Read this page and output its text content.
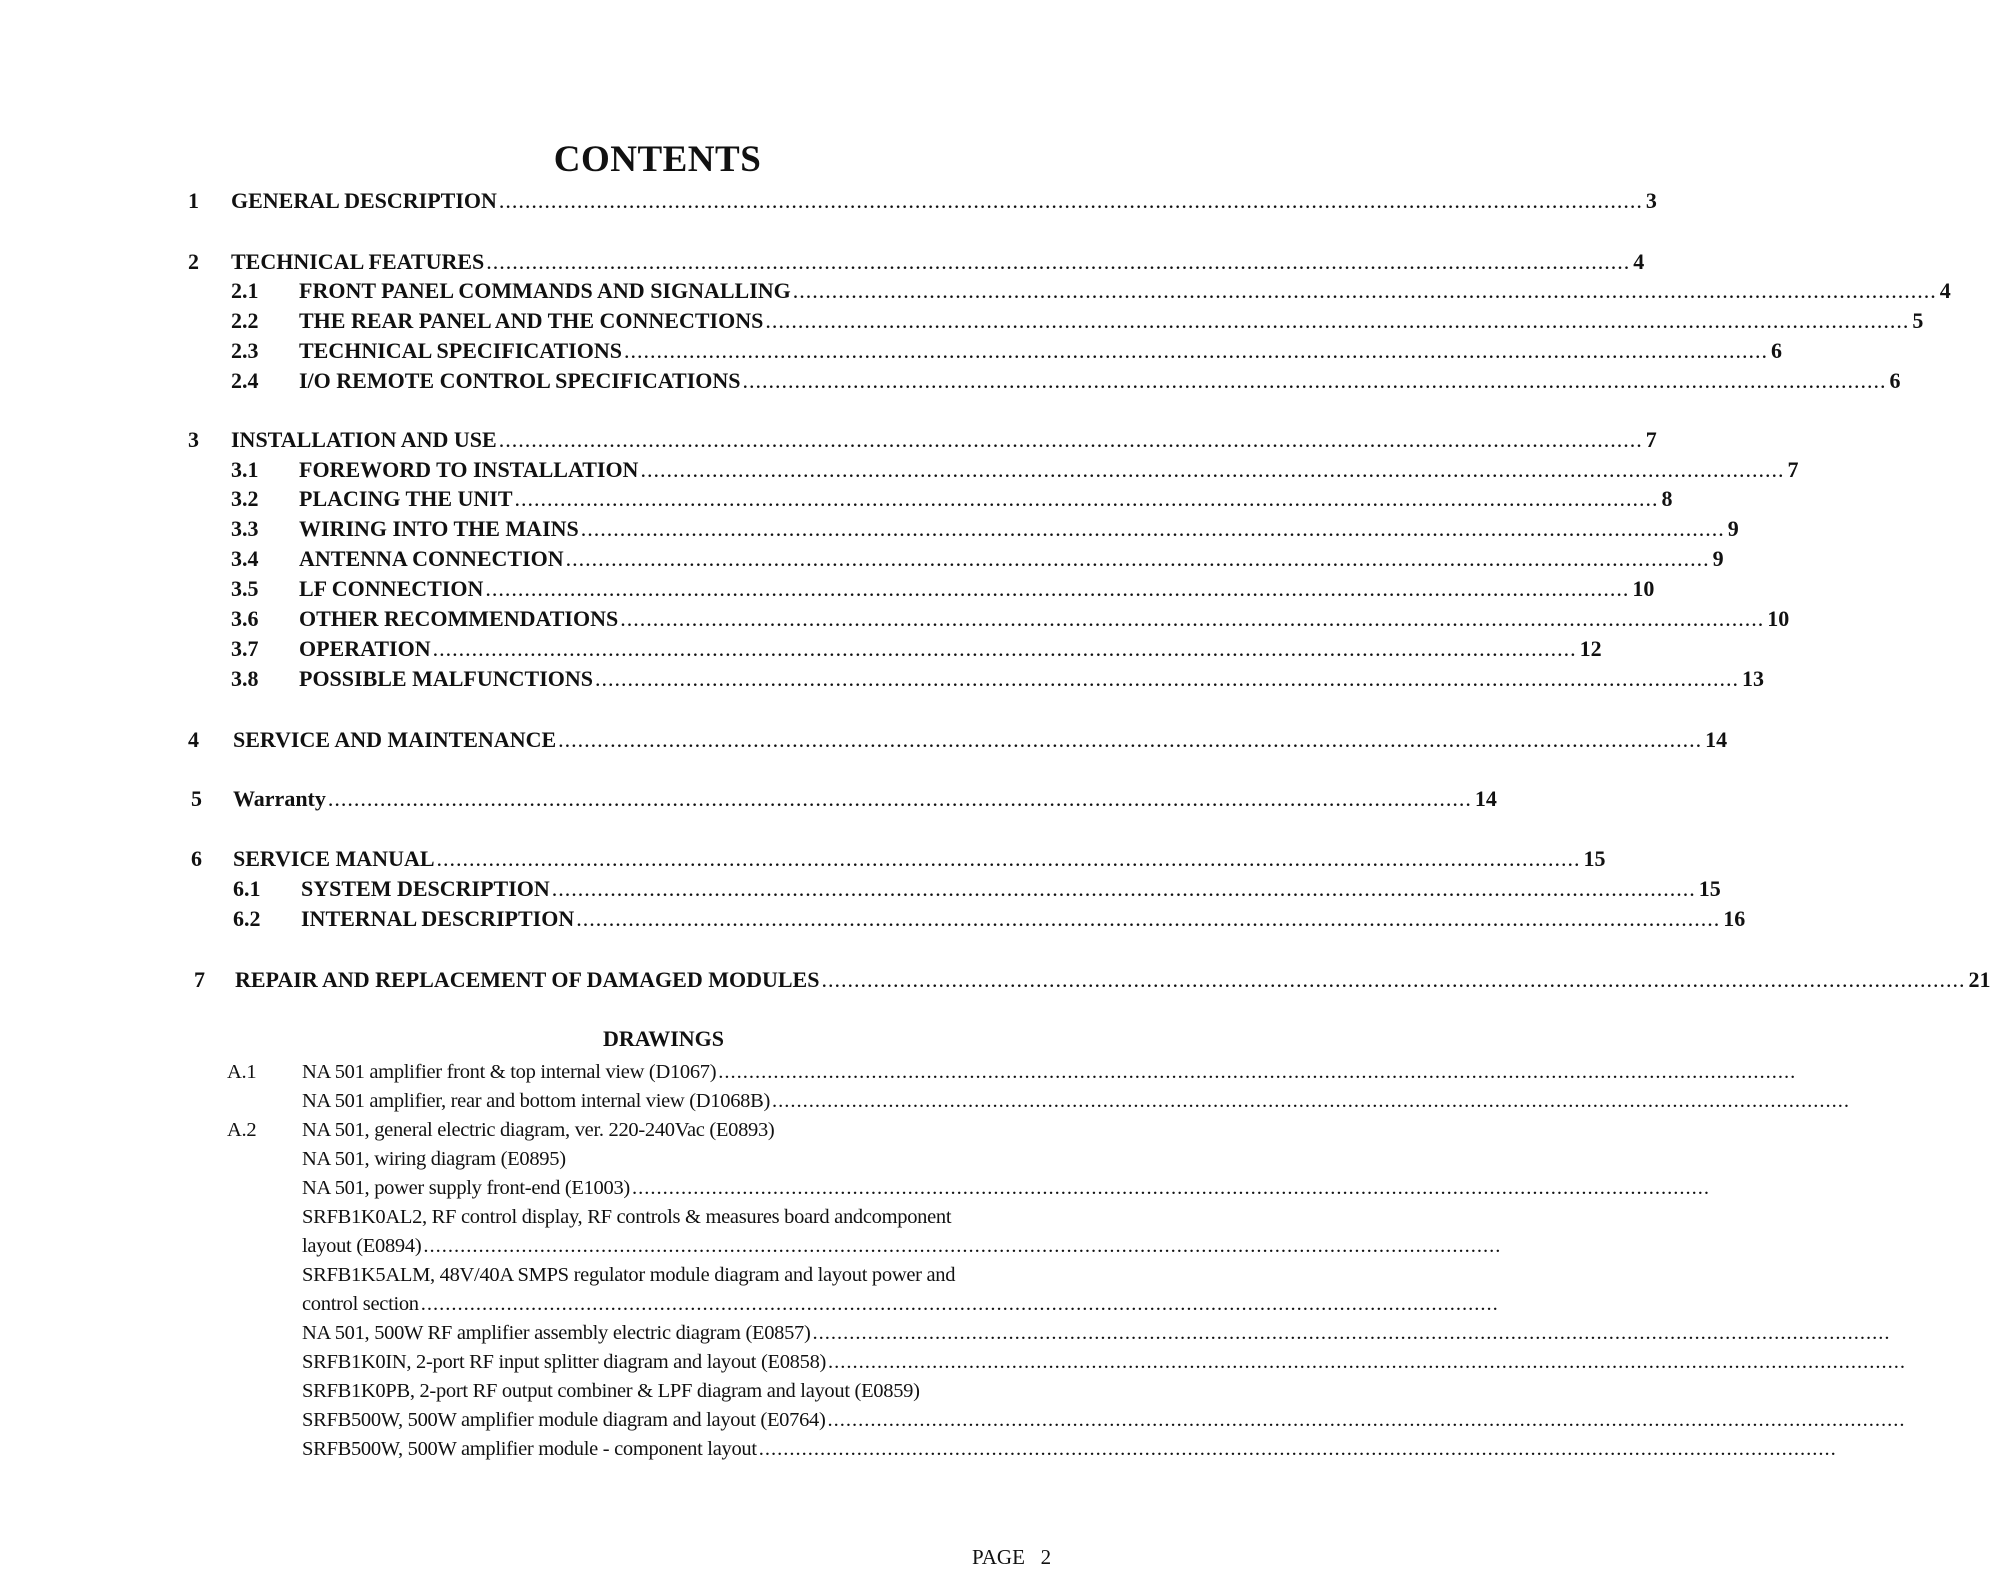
CONTENTS
1 GENERAL DESCRIPTION ................................................................................................................................................................................ 3
2 TECHNICAL FEATURES ................................................................................................................................................................................ 4
2.1 FRONT PANEL COMMANDS AND SIGNALLING ................................................................................................................................................................................ 4
2.2 THE REAR PANEL AND THE CONNECTIONS ................................................................................................................................................................................ 5
2.3 TECHNICAL SPECIFICATIONS ................................................................................................................................................................................ 6
2.4 I/O REMOTE CONTROL SPECIFICATIONS ................................................................................................................................................................................ 6
3 INSTALLATION AND USE ................................................................................................................................................................................ 7
3.1 FOREWORD TO INSTALLATION ................................................................................................................................................................................ 7
3.2 PLACING THE UNIT ................................................................................................................................................................................ 8
3.3 WIRING INTO THE MAINS ................................................................................................................................................................................ 9
3.4 ANTENNA CONNECTION ................................................................................................................................................................................ 9
3.5 LF CONNECTION ................................................................................................................................................................................ 10
3.6 OTHER RECOMMENDATIONS ................................................................................................................................................................................ 10
3.7 OPERATION ................................................................................................................................................................................ 12
3.8 POSSIBLE MALFUNCTIONS ................................................................................................................................................................................ 13
4 SERVICE AND MAINTENANCE ................................................................................................................................................................................ 14
5 Warranty ................................................................................................................................................................................ 14
6 SERVICE MANUAL ................................................................................................................................................................................ 15
6.1 SYSTEM DESCRIPTION ................................................................................................................................................................................ 15
6.2 INTERNAL DESCRIPTION ................................................................................................................................................................................ 16
7 REPAIR AND REPLACEMENT OF DAMAGED MODULES ................................................................................................................................................................................ 21
DRAWINGS
A.1 NA 501 amplifier front & top internal view (D1067) ................................................................................................................................................................................
NA 501 amplifier, rear and bottom internal view (D1068B) ................................................................................................................................................................................
A.2 NA 501, general electric diagram, ver. 220-240Vac (E0893)
NA 501, wiring diagram (E0895)
NA 501, power supply front-end (E1003) ................................................................................................................................................................................
SRFB1K0AL2, RF control display, RF controls & measures board andcomponent
layout (E0894) ................................................................................................................................................................................
SRFB1K5ALM, 48V/40A SMPS regulator module diagram and layout power and
control section ................................................................................................................................................................................
NA 501, 500W RF amplifier assembly electric diagram (E0857) ................................................................................................................................................................................
SRFB1K0IN, 2-port RF input splitter diagram and layout (E0858) ................................................................................................................................................................................
SRFB1K0PB, 2-port RF output combiner & LPF diagram and layout (E0859)
SRFB500W, 500W amplifier module diagram and layout (E0764) ................................................................................................................................................................................
SRFB500W, 500W amplifier module - component layout ................................................................................................................................................................................
PAGE 2
